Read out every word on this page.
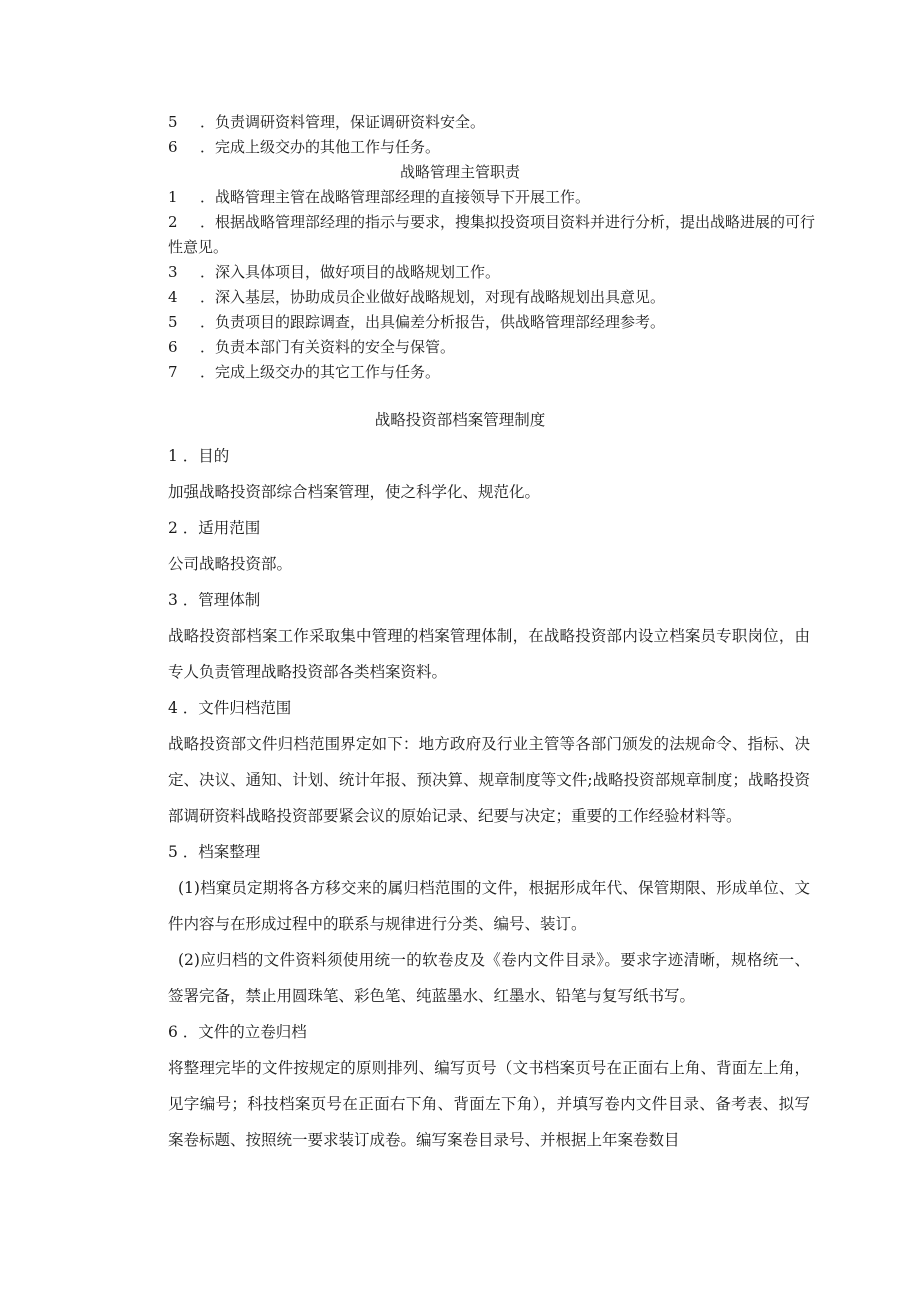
5 ．负责调研资料管理，保证调研资料安全。

6 ．完成上级交办的其他工作与任务。

战略管理主管职责

1 ．战略管理主管在战略管理部经理的直接领导下开展工作。

2 ．根据战略管理部经理的指示与要求，搜集拟投资项目资料并进行分析，提出战略进展的可行性意见。

3 ．深入具体项目，做好项目的战略规划工作。

4 ．深入基层，协助成员企业做好战略规划，对现有战略规划出具意见。

5 ．负责项目的跟踪调查，出具偏差分析报告，供战略管理部经理参考。

6 ．负责本部门有关资料的安全与保管。

7 ．完成上级交办的其它工作与任务。

战略投资部档案管理制度

1 ．目的

加强战略投资部综合档案管理，使之科学化、规范化。

2 ．适用范围

公司战略投资部。

3 ．管理体制

战略投资部档案工作采取集中管理的档案管理体制，在战略投资部内设立档案员专职岗位，由专人负责管理战略投资部各类档案资料。

4 ．文件归档范围

战略投资部文件归档范围界定如下：地方政府及行业主管等各部门颁发的法规命令、指标、决定、决议、通知、计划、统计年报、预决算、规章制度等文件;战略投资部规章制度；战略投资部调研资料战略投资部要紧会议的原始记录、纪要与决定；重要的工作经验材料等。

5 ．档案整理

(1)档窠员定期将各方移交来的属归档范围的文件，根据形成年代、保管期限、形成单位、文件内容与在形成过程中的联系与规律进行分类、编号、装订。

(2)应归档的文件资料须使用统一的软卷皮及《卷内文件目录》。要求字迹清晰，规格统一、签署完备，禁止用圆珠笔、彩色笔、纯蓝墨水、红墨水、铅笔与复写纸书写。

6 ．文件的立卷归档

将整理完毕的文件按规定的原则排列、编写页号（文书档案页号在正面右上角、背面左上角，见字编号；科技档案页号在正面右下角、背面左下角），并填写卷内文件目录、备考表、拟写案卷标题、按照统一要求装订成卷。编写案卷目录号、并根据上年案卷数目
